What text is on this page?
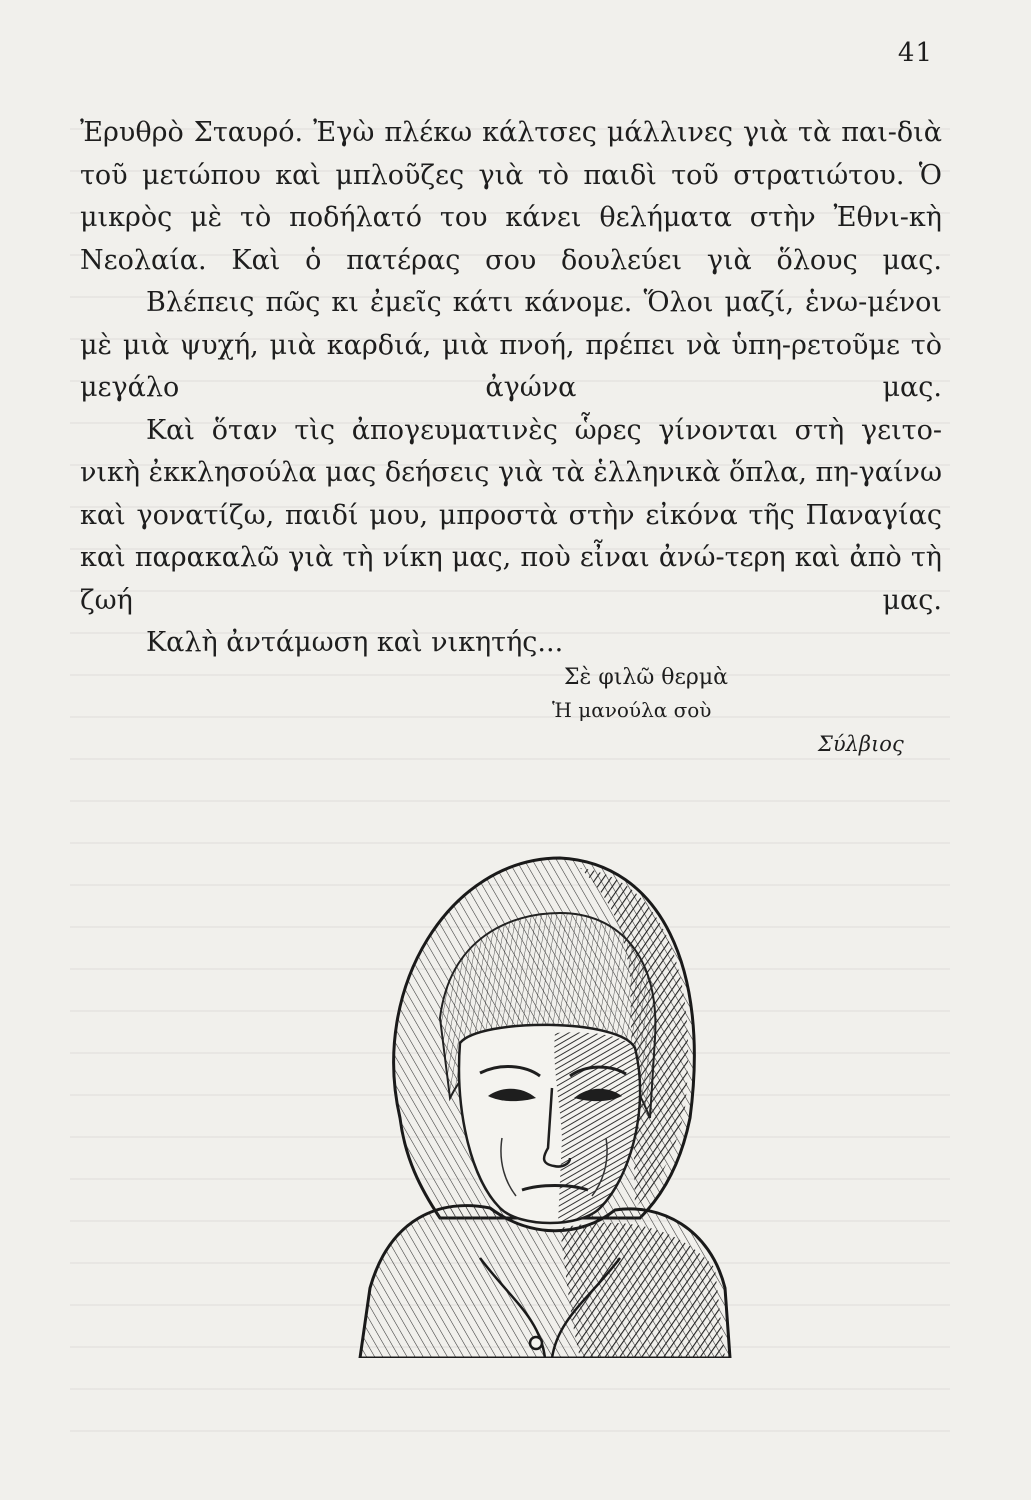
41

Ἐρυθρὸ Σταυρό. Ἐγὼ πλέκω κάλτσες μάλλινες γιὰ τὰ παι-διὰ τοῦ μετώπου καὶ μπλοῦζες γιὰ τὸ παιδὶ τοῦ στρατιώτου. Ὁ μικρὸς μὲ τὸ ποδήλατό του κάνει θελήματα στὴν Ἐθνι-κὴ Νεολαία. Καὶ ὁ πατέρας σου δουλεύει γιὰ ὅλους μας.

Βλέπεις πῶς κι ἐμεῖς κάτι κάνομε. Ὅλοι μαζί, ἑνω-μένοι μὲ μιὰ ψυχή, μιὰ καρδιά, μιὰ πνοή, πρέπει νὰ ὑπη-ρετοῦμε τὸ μεγάλο ἀγώνα μας.

Καὶ ὅταν τὶς ἀπογευματινὲς ὧρες γίνονται στὴ γειτο-νικὴ ἐκκλησούλα μας δεήσεις γιὰ τὰ ἑλληνικὰ ὅπλα, πη-γαίνω καὶ γονατίζω, παιδί μου, μπροστὰ στὴν εἰκόνα τῆς Παναγίας καὶ παρακαλῶ γιὰ τὴ νίκη μας, ποὺ εἶναι ἀνώ-τερη καὶ ἀπὸ τὴ ζωή μας.

Καλὴ ἀντάμωση καὶ νικητής...

Σὲ φιλῶ θερμὰ
Ἡ μανούλα σοὺ
Σύλβιος
